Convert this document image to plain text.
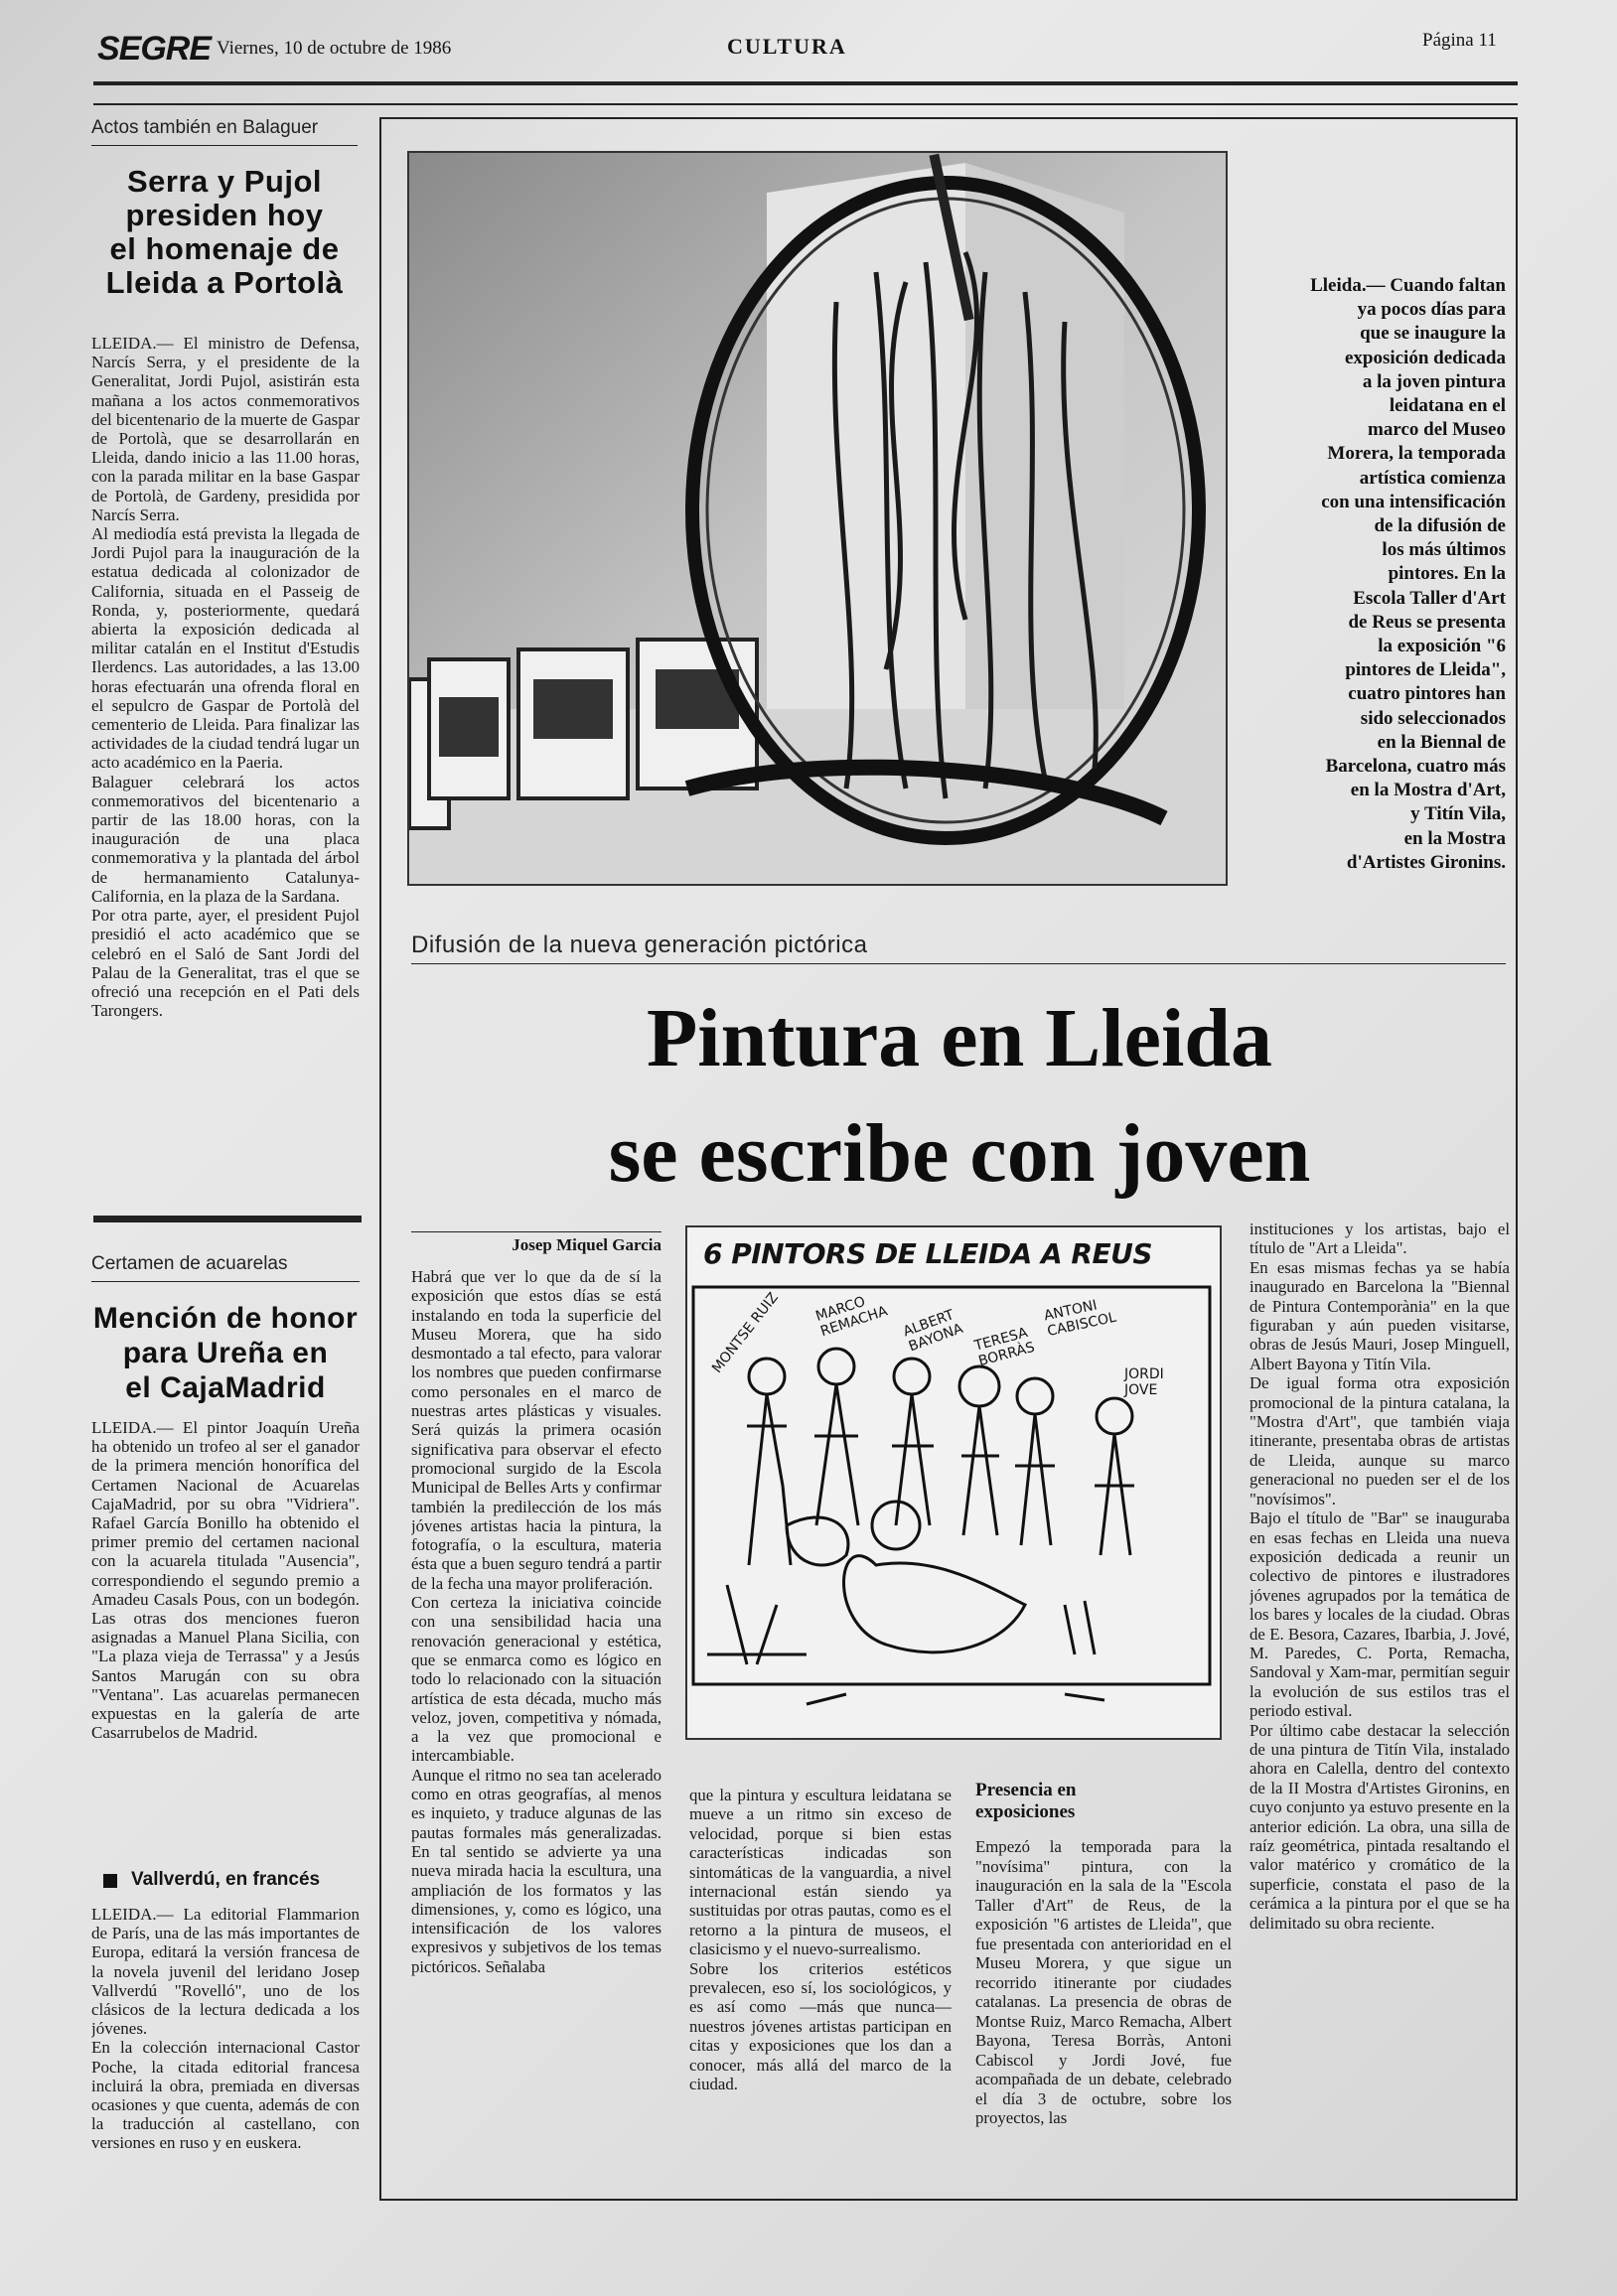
SEGRE Viernes, 10 de octubre de 1986	CULTURA	Página 11
Actos también en Balaguer
Serra y Pujol
presiden hoy
el homenaje de
Lleida a Portolà
LLEIDA.— El ministro de Defensa, Narcís Serra, y el presidente de la Generalitat, Jordi Pujol, asistirán esta mañana a los actos conmemorativos del bicentenario de la muerte de Gaspar de Portolà, que se desarrollarán en Lleida, dando inicio a las 11.00 horas, con la parada militar en la base Gaspar de Portolà, de Gardeny, presidida por Narcís Serra.
Al mediodía está prevista la llegada de Jordi Pujol para la inauguración de la estatua dedicada al colonizador de California, situada en el Passeig de Ronda, y, posteriormente, quedará abierta la exposición dedicada al militar catalán en el Institut d'Estudis Ilerdencs. Las autoridades, a las 13.00 horas efectuarán una ofrenda floral en el sepulcro de Gaspar de Portolà del cementerio de Lleida. Para finalizar las actividades de la ciudad tendrá lugar un acto académico en la Paeria.
Balaguer celebrará los actos conmemorativos del bicentenario a partir de las 18.00 horas, con la inauguración de una placa conmemorativa y la plantada del árbol de hermanamiento Catalunya-California, en la plaza de la Sardana.
Por otra parte, ayer, el president Pujol presidió el acto académico que se celebró en el Saló de Sant Jordi del Palau de la Generalitat, tras el que se ofreció una recepción en el Pati dels Tarongers.
Certamen de acuarelas
Mención de honor
para Ureña en
el CajaMadrid
LLEIDA.— El pintor Joaquín Ureña ha obtenido un trofeo al ser el ganador de la primera mención honorífica del Certamen Nacional de Acuarelas CajaMadrid, por su obra "Vidriera". Rafael García Bonillo ha obtenido el primer premio del certamen nacional con la acuarela titulada "Ausencia", correspondiendo el segundo premio a Amadeu Casals Pous, con un bodegón. Las otras dos menciones fueron asignadas a Manuel Plana Sicilia, con "La plaza vieja de Terrassa" y a Jesús Santos Marugán con su obra "Ventana". Las acuarelas permanecen expuestas en la galería de arte Casarrubelos de Madrid.
Vallverdú, en francés
LLEIDA.— La editorial Flammarion de París, una de las más importantes de Europa, editará la versión francesa de la novela juvenil del leridano Josep Vallverdú "Rovelló", uno de los clásicos de la lectura dedicada a los jóvenes.
En la colección internacional Castor Poche, la citada editorial francesa incluirá la obra, premiada en diversas ocasiones y que cuenta, además de con la traducción al castellano, con versiones en ruso y en euskera.
Lleida.— Cuando faltan
ya pocos días para
que se inaugure la
exposición dedicada
a la joven pintura
leidatana en el
marco del Museo
Morera, la temporada
artística comienza
con una intensificación
de la difusión de
los más últimos
pintores. En la
Escola Taller d'Art
de Reus se presenta
la exposición "6
pintores de Lleida",
cuatro pintores han
sido seleccionados
en la Biennal de
Barcelona, cuatro más
en la Mostra d'Art,
y Titín Vila,
en la Mostra
d'Artistes Gironins.
Difusión de la nueva generación pictórica
Pintura en Lleida
se escribe con joven
Josep Miquel Garcia 6 PINTORS DE LLEIDA A REUS
MONTSE RUIZ	MARCO REMACHA ALBERT BAYONA TERESA BORRÀS
ANTONI CABISCOL
JORDI JOVE
Habrá que ver lo que da de sí la exposición que estos días se está instalando en toda la superficie del Museu Morera, que ha sido desmontado a tal efecto, para valorar los nombres que pueden confirmarse como personales en el marco de nuestras artes plásticas y visuales. Será quizás la primera ocasión significativa para observar el efecto promocional surgido de la Escola Municipal de Belles Arts y confirmar también la predilección de los más jóvenes artistas hacia la pintura, la fotografía, o la escultura, materia ésta que a buen seguro tendrá a partir de la fecha una mayor proliferación.
Con certeza la iniciativa coincide con una sensibilidad hacia una renovación generacional y estética, que se enmarca como es lógico en todo lo relacionado con la situación artística de esta década, mucho más veloz, joven, competitiva y nómada, a la vez que promocional e intercambiable.
Aunque el ritmo no sea tan acelerado como en otras geografías, al menos es inquieto, y traduce algunas de las pautas formales más generalizadas. En tal sentido se advierte ya una nueva mirada hacia la escultura, una ampliación de los formatos y las dimensiones, y, como es lógico, una intensificación de los valores expresivos y subjetivos de los temas pictóricos. Señalaba
que la pintura y escultura leidatana se mueve a un ritmo sin exceso de velocidad, porque si bien estas características indicadas son sintomáticas de la vanguardia, a nivel internacional están siendo ya sustituidas por otras pautas, como es el retorno a la pintura de museos, el clasicismo y el nuevo-surrealismo.
Sobre los criterios estéticos prevalecen, eso sí, los sociológicos, y es así como —más que nunca— nuestros jóvenes artistas participan en citas y exposiciones que los dan a conocer, más allá del marco de la ciudad.
Presencia en
exposiciones
Empezó la temporada para la "novísima" pintura, con la inauguración en la sala de la "Escola Taller d'Art" de Reus, de la exposición "6 artistes de Lleida", que fue presentada con anterioridad en el Museu Morera, y que sigue un recorrido itinerante por ciudades catalanas. La presencia de obras de Montse Ruiz, Marco Remacha, Albert Bayona, Teresa Borràs, Antoni Cabiscol y Jordi Jové, fue acompañada de un debate, celebrado el día 3 de octubre, sobre los proyectos, las
instituciones y los artistas, bajo el título de "Art a Lleida".
En esas mismas fechas ya se había inaugurado en Barcelona la "Biennal de Pintura Contemporània" en la que figuraban y aún pueden visitarse, obras de Jesús Mauri, Josep Minguell, Albert Bayona y Titín Vila.
De igual forma otra exposición promocional de la pintura catalana, la "Mostra d'Art", que también viaja itinerante, presentaba obras de artistas de Lleida, aunque su marco generacional no pueden ser el de los "novísimos".
Bajo el título de "Bar" se inauguraba en esas fechas en Lleida una nueva exposición dedicada a reunir un colectivo de pintores e ilustradores jóvenes agrupados por la temática de los bares y locales de la ciudad. Obras de E. Besora, Cazares, Ibarbia, J. Jové, M. Paredes, C. Porta, Remacha, Sandoval y Xam-mar, permitían seguir la evolución de sus estilos tras el periodo estival.
Por último cabe destacar la selección de una pintura de Titín Vila, instalado ahora en Calella, dentro del contexto de la II Mostra d'Artistes Gironins, en cuyo conjunto ya estuvo presente en la anterior edición. La obra, una silla de raíz geométrica, pintada resaltando el valor matérico y cromático de la superficie, constata el paso de la cerámica a la pintura por el que se ha delimitado su obra reciente.
